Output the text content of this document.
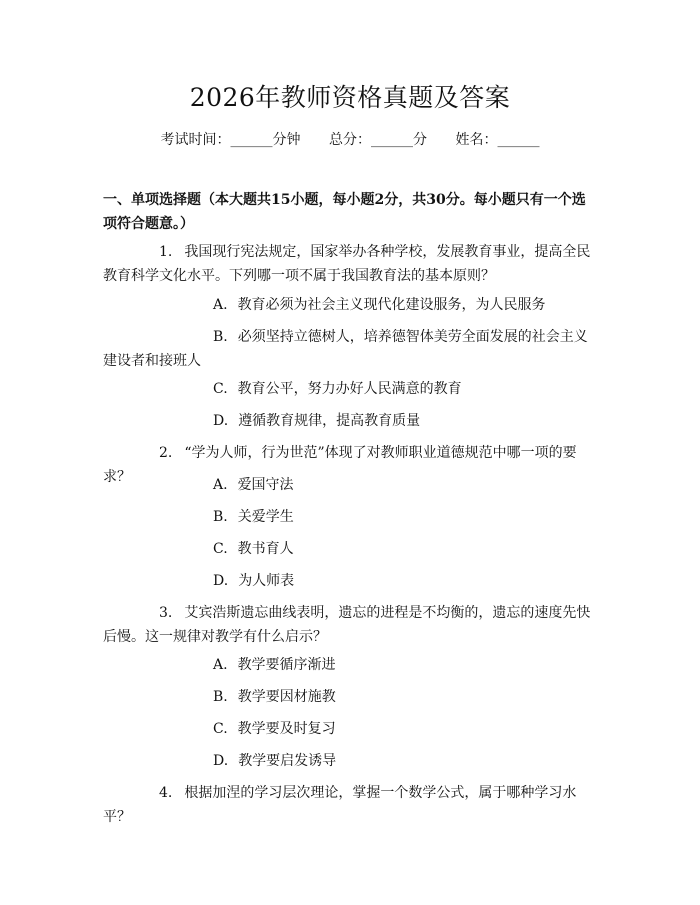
2026年教师资格真题及答案
考试时间：______分钟 总分：______分 姓名：______
一、单项选择题（本大题共15小题，每小题2分，共30分。每小题只有一个选项符合题意。）
1. 我国现行宪法规定，国家举办各种学校，发展教育事业，提高全民教育科学文化水平。下列哪一项不属于我国教育法的基本原则？
A. 教育必须为社会主义现代化建设服务，为人民服务
B. 必须坚持立德树人，培养德智体美劳全面发展的社会主义建设者和接班人
C. 教育公平，努力办好人民满意的教育
D. 遵循教育规律，提高教育质量
2. “学为人师，行为世范”体现了对教师职业道德规范中哪一项的要求？	A. 爱国守法
B. 关爱学生
C. 教书育人
D. 为人师表
3. 艾宾浩斯遗忘曲线表明，遗忘的进程是不均衡的，遗忘的速度先快后慢。这一规律对教学有什么启示？
A. 教学要循序渐进
B. 教学要因材施教
C. 教学要及时复习
D. 教学要启发诱导
4. 根据加涅的学习层次理论，掌握一个数学公式，属于哪种学习水平？
